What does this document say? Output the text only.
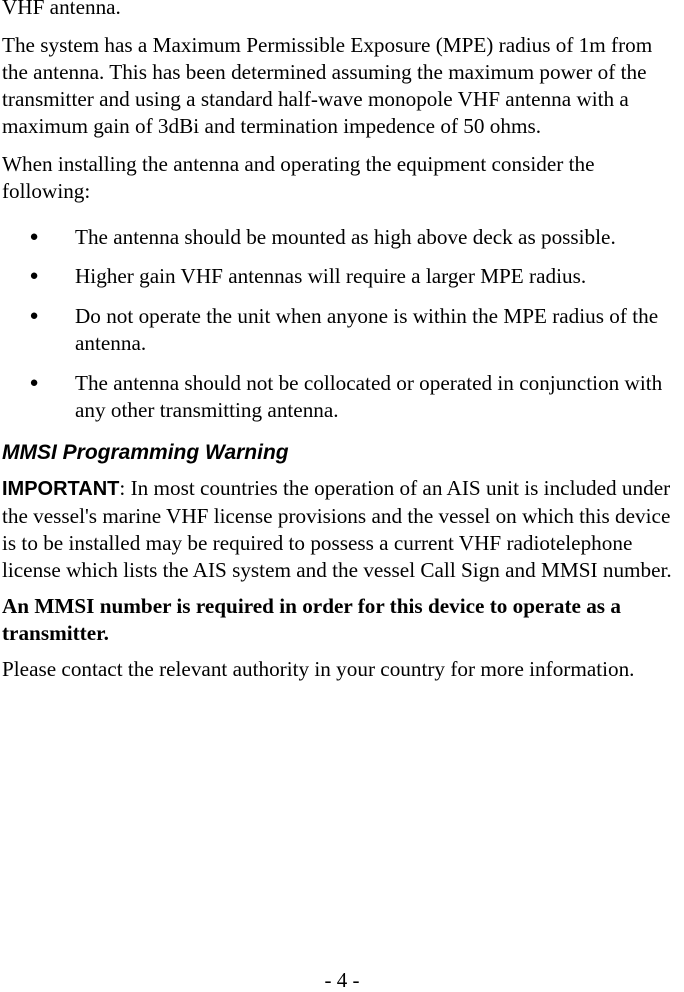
VHF antenna.

The system has a Maximum Permissible Exposure (MPE) radius of 1m from the antenna. This has been determined assuming the maximum power of the transmitter and using a standard half-wave monopole VHF antenna with a maximum gain of 3dBi and termination impedence of 50 ohms.

When installing the antenna and operating the equipment consider the following:

● The antenna should be mounted as high above deck as possible.
● Higher gain VHF antennas will require a larger MPE radius.
● Do not operate the unit when anyone is within the MPE radius of the antenna.
● The antenna should not be collocated or operated in conjunction with any other transmitting antenna.

MMSI Programming Warning

IMPORTANT: In most countries the operation of an AIS unit is included under the vessel's marine VHF license provisions and the vessel on which this device is to be installed may be required to possess a current VHF radiotelephone license which lists the AIS system and the vessel Call Sign and MMSI number.

An MMSI number is required in order for this device to operate as a transmitter.

Please contact the relevant authority in your country for more information.

- 4 -
